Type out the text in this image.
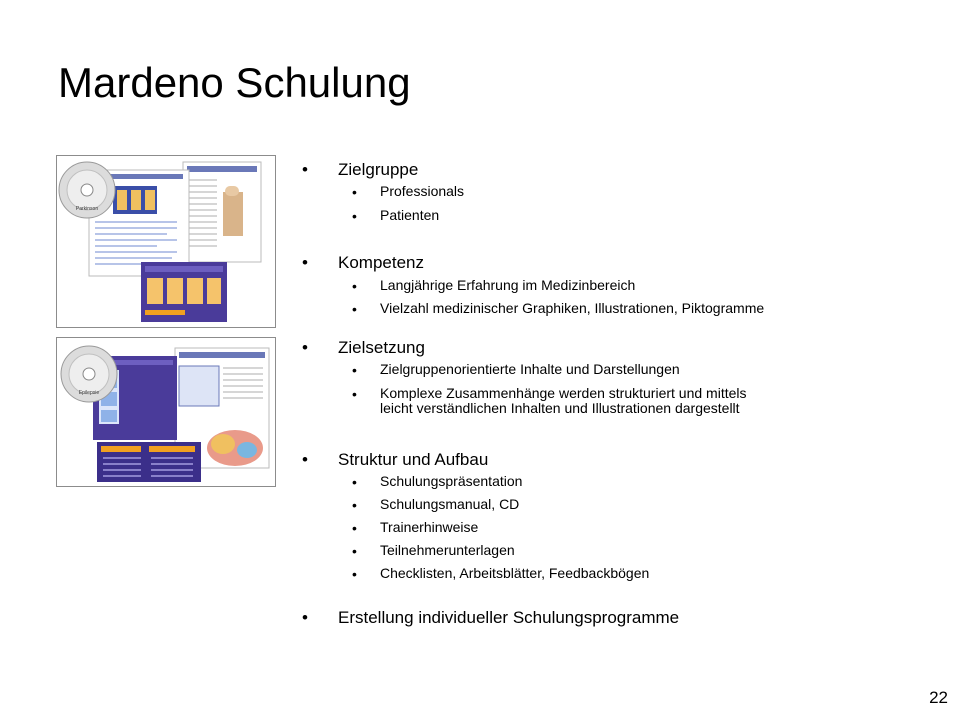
Mardeno Schulung
Parkinson
Epilepsie
• Zielgruppe
• Professionals
• Patienten
• Kompetenz
• Langjährige Erfahrung im Medizinbereich
• Vielzahl medizinischer Graphiken, Illustrationen, Piktogramme
• Zielsetzung
• Zielgruppenorientierte Inhalte und Darstellungen
• Komplexe Zusammenhänge werden strukturiert und mittels
leicht verständlichen Inhalten und Illustrationen dargestellt
• Struktur und Aufbau
• Schulungspräsentation
• Schulungsmanual, CD
• Trainerhinweise
• Teilnehmerunterlagen
• Checklisten, Arbeitsblätter, Feedbackbögen
• Erstellung individueller Schulungsprogramme
22
